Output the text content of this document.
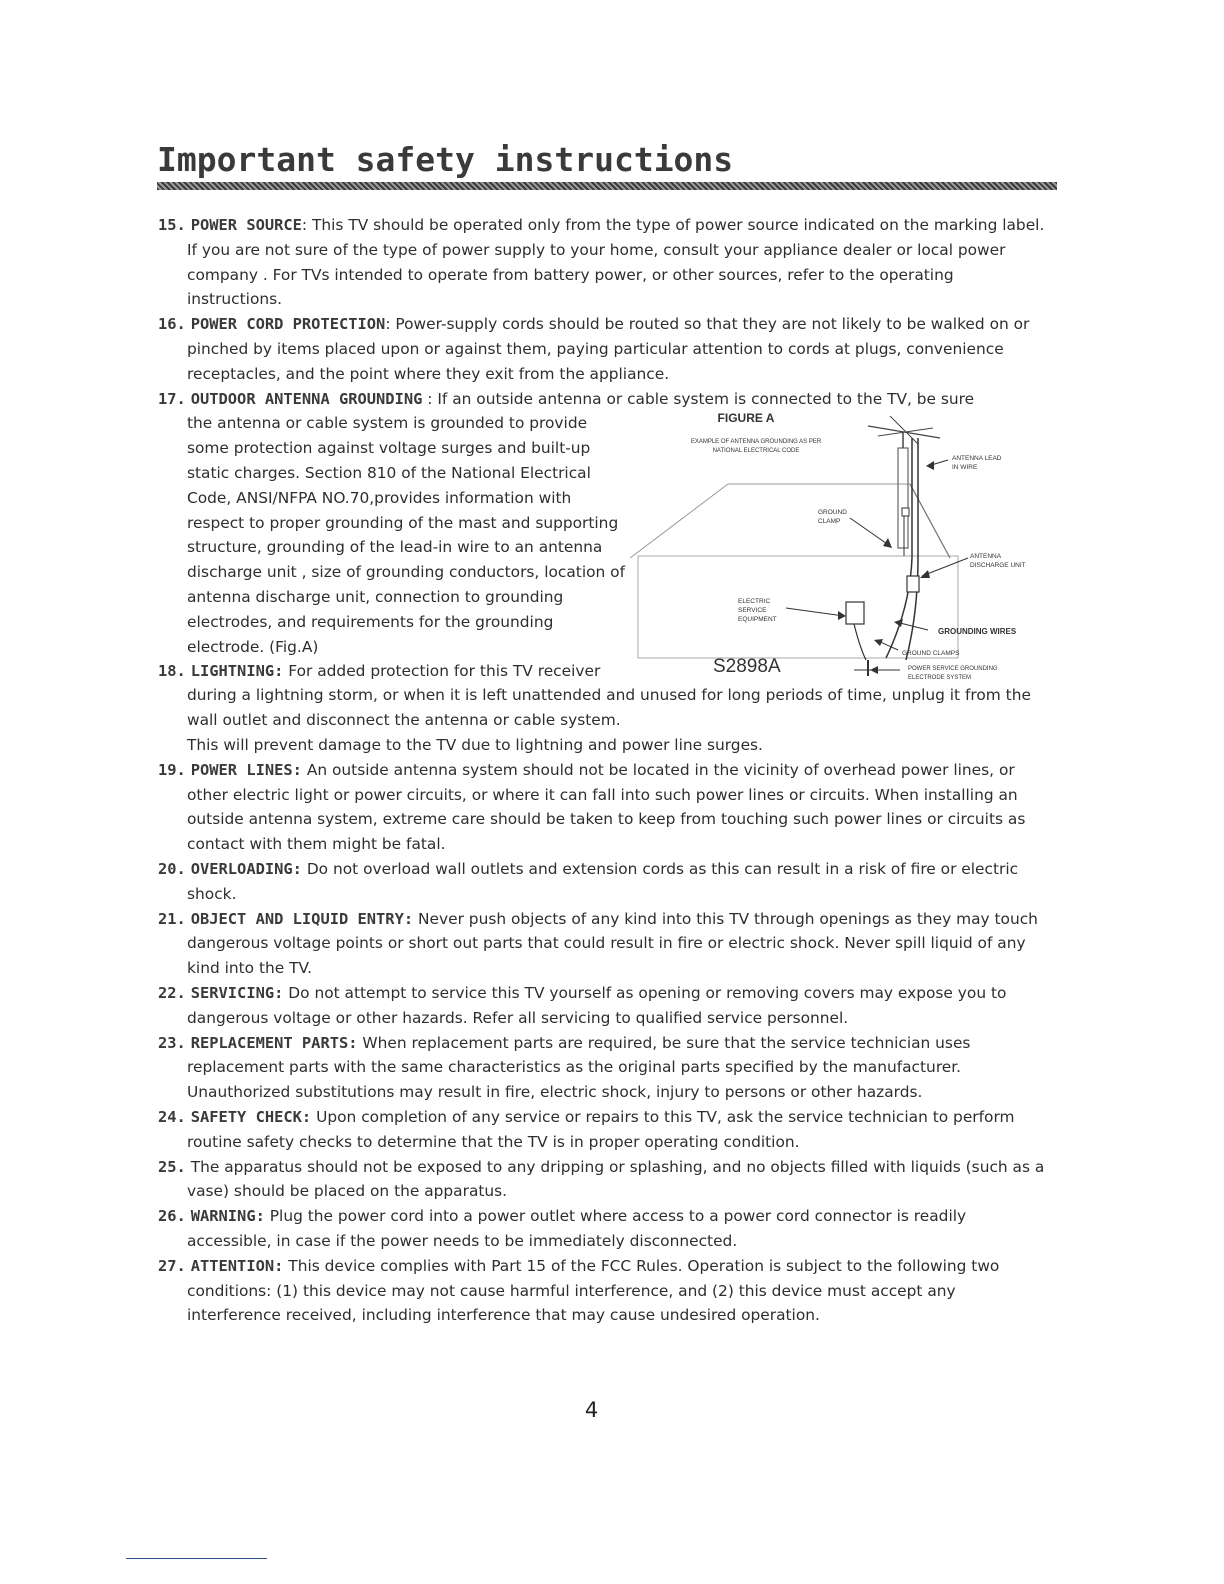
Important safety instructions
15. POWER SOURCE: This TV should be operated only from the type of power source indicated on the marking label. If you are not sure of the type of power supply to your home, consult your appliance dealer or local power company . For TVs intended to operate from battery power, or other sources, refer to the operating instructions.
16. POWER CORD PROTECTION: Power-supply cords should be routed so that they are not likely to be walked on or pinched by items placed upon or against them, paying particular attention to cords at plugs, convenience receptacles, and the point where they exit from the appliance.
17. OUTDOOR ANTENNA GROUNDING : If an outside antenna or cable system is connected to the TV, be sure
the antenna or cable system is grounded to provide some protection against voltage surges and built-up static charges. Section 810 of the National Electrical Code, ANSI/NFPA NO.70,provides information with respect to proper grounding of the mast and supporting structure, grounding of the lead-in wire to an antenna discharge unit , size of grounding conductors, location of antenna discharge unit, connection to grounding electrodes, and requirements for the grounding electrode. (Fig.A)
18. LIGHTNING: For added protection for this TV receiver
during a lightning storm, or when it is left unattended and unused for long periods of time, unplug it from the wall outlet and disconnect the antenna or cable system.
This will prevent damage to the TV due to lightning and power line surges.
19. POWER LINES: An outside antenna system should not be located in the vicinity of overhead power lines, or other electric light or power circuits, or where it can fall into such power lines or circuits. When installing an outside antenna system, extreme care should be taken to keep from touching such power lines or circuits as contact with them might be fatal.
20. OVERLOADING: Do not overload wall outlets and extension cords as this can result in a risk of fire or electric shock.
21. OBJECT AND LIQUID ENTRY: Never push objects of any kind into this TV through openings as they may touch dangerous voltage points or short out parts that could result in fire or electric shock. Never spill liquid of any kind into the TV.
22. SERVICING: Do not attempt to service this TV yourself as opening or removing covers may expose you to dangerous voltage or other hazards. Refer all servicing to qualified service personnel.
23. REPLACEMENT PARTS: When replacement parts are required, be sure that the service technician uses replacement parts with the same characteristics as the original parts specified by the manufacturer. Unauthorized substitutions may result in fire, electric shock, injury to persons or other hazards.
24. SAFETY CHECK: Upon completion of any service or repairs to this TV, ask the service technician to perform routine safety checks to determine that the TV is in proper operating condition.
25. The apparatus should not be exposed to any dripping or splashing, and no objects filled with liquids (such as a vase) should be placed on the apparatus.
26. WARNING: Plug the power cord into a power outlet where access to a power cord connector is readily accessible, in case if the power needs to be immediately disconnected.
27. ATTENTION: This device complies with Part 15 of the FCC Rules. Operation is subject to the following two conditions: (1) this device may not cause harmful interference, and (2) this device must accept any interference received, including interference that may cause undesired operation.
FIGURE A
EXAMPLE OF ANTENNA GROUNDING AS PER
NATIONAL ELECTRICAL CODE
ANTENNA LEAD
IN WIRE
GROUND
CLAMP
ANTENNA
DISCHARGE UNIT
ELECTRIC
SERVICE
EQUIPMENT
GROUNDING WIRES
GROUND CLAMPS
POWER SERVICE GROUNDING
ELECTRODE SYSTEM
S2898A
4
